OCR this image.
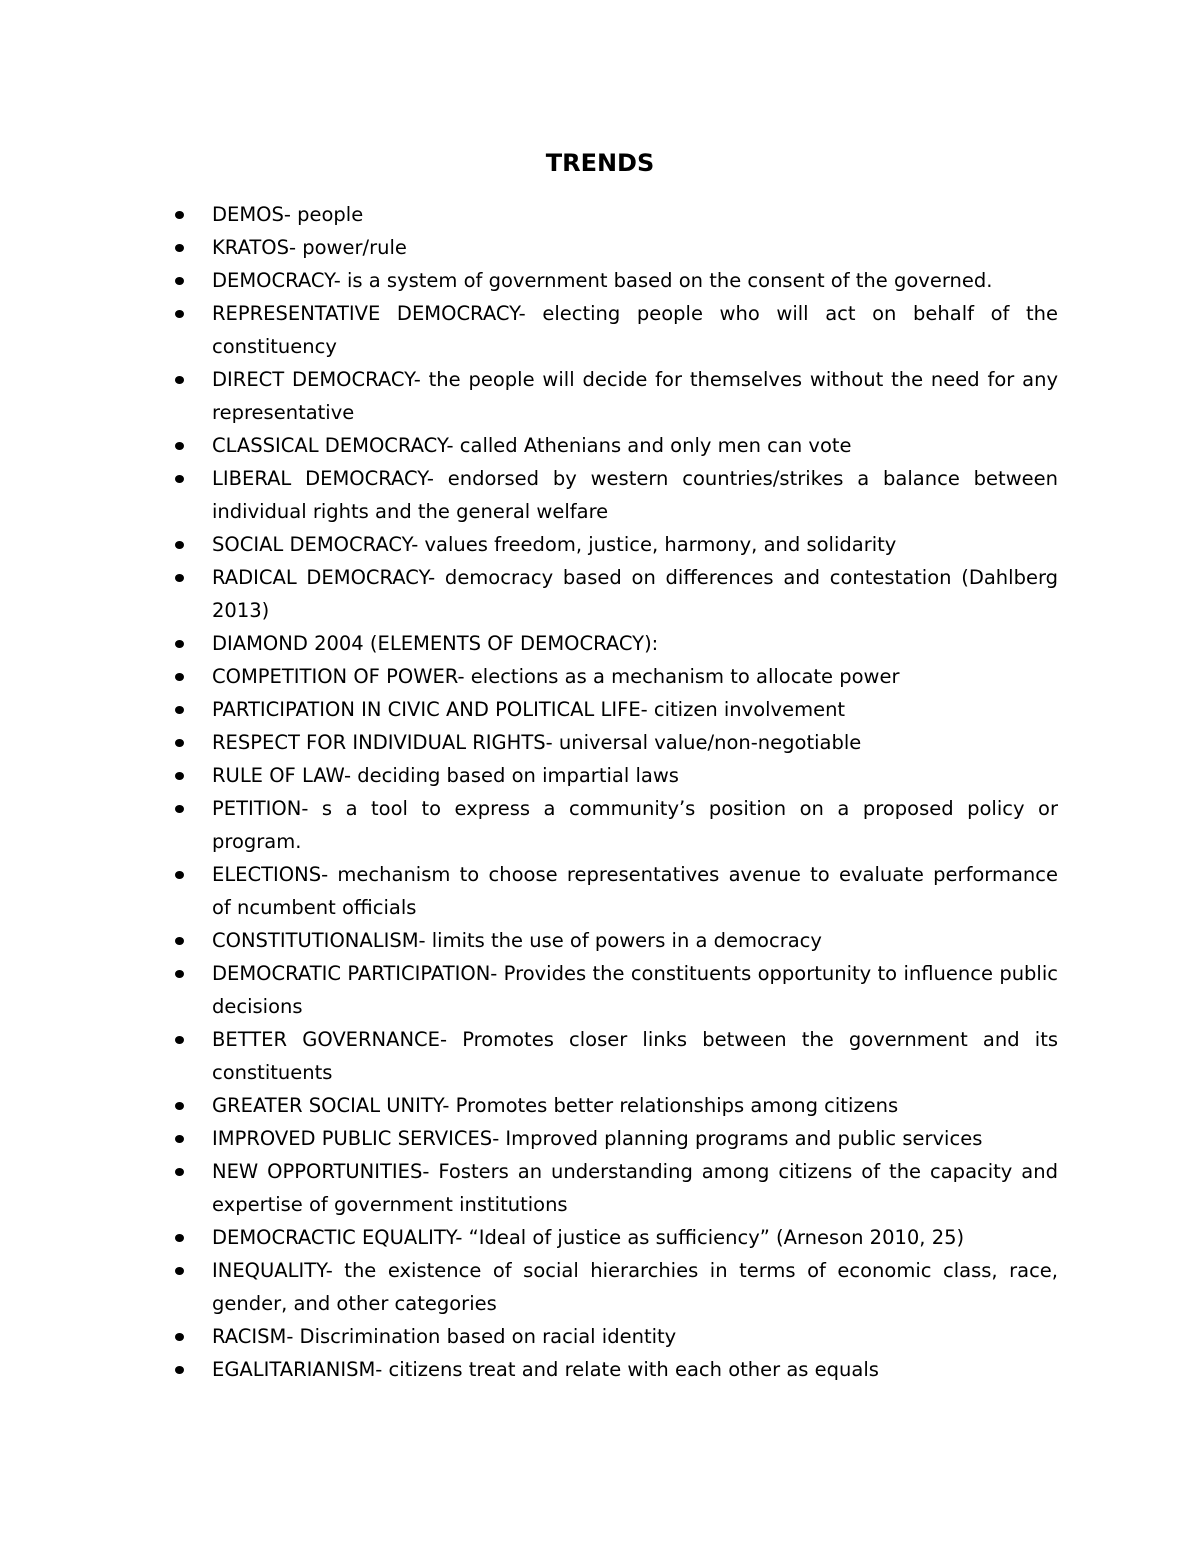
TRENDS
DEMOS- people
KRATOS- power/rule
DEMOCRACY- is a system of government based on the consent of the governed.
REPRESENTATIVE DEMOCRACY- electing people who will act on behalf of the constituency
DIRECT DEMOCRACY- the people will decide for themselves without the need for any representative
CLASSICAL DEMOCRACY- called Athenians and only men can vote
LIBERAL DEMOCRACY- endorsed by western countries/strikes a balance between individual rights and the general welfare
SOCIAL DEMOCRACY- values freedom, justice, harmony, and solidarity
RADICAL DEMOCRACY- democracy based on differences and contestation (Dahlberg 2013)
DIAMOND 2004 (ELEMENTS OF DEMOCRACY):
COMPETITION OF POWER- elections as a mechanism to allocate power
PARTICIPATION IN CIVIC AND POLITICAL LIFE- citizen involvement
RESPECT FOR INDIVIDUAL RIGHTS- universal value/non-negotiable
RULE OF LAW- deciding based on impartial laws
PETITION- s a tool to express a community’s position on a proposed policy or program.
ELECTIONS- mechanism to choose representatives avenue to evaluate performance of ncumbent officials
CONSTITUTIONALISM- limits the use of powers in a democracy
DEMOCRATIC PARTICIPATION- Provides the constituents opportunity to influence public decisions
BETTER GOVERNANCE- Promotes closer links between the government and its constituents
GREATER SOCIAL UNITY- Promotes better relationships among citizens
IMPROVED PUBLIC SERVICES- Improved planning programs and public services
NEW OPPORTUNITIES- Fosters an understanding among citizens of the capacity and expertise of government institutions
DEMOCRACTIC EQUALITY- “Ideal of justice as sufficiency” (Arneson 2010, 25)
INEQUALITY- the existence of social hierarchies in terms of economic class, race, gender, and other categories
RACISM- Discrimination based on racial identity
EGALITARIANISM- citizens treat and relate with each other as equals
